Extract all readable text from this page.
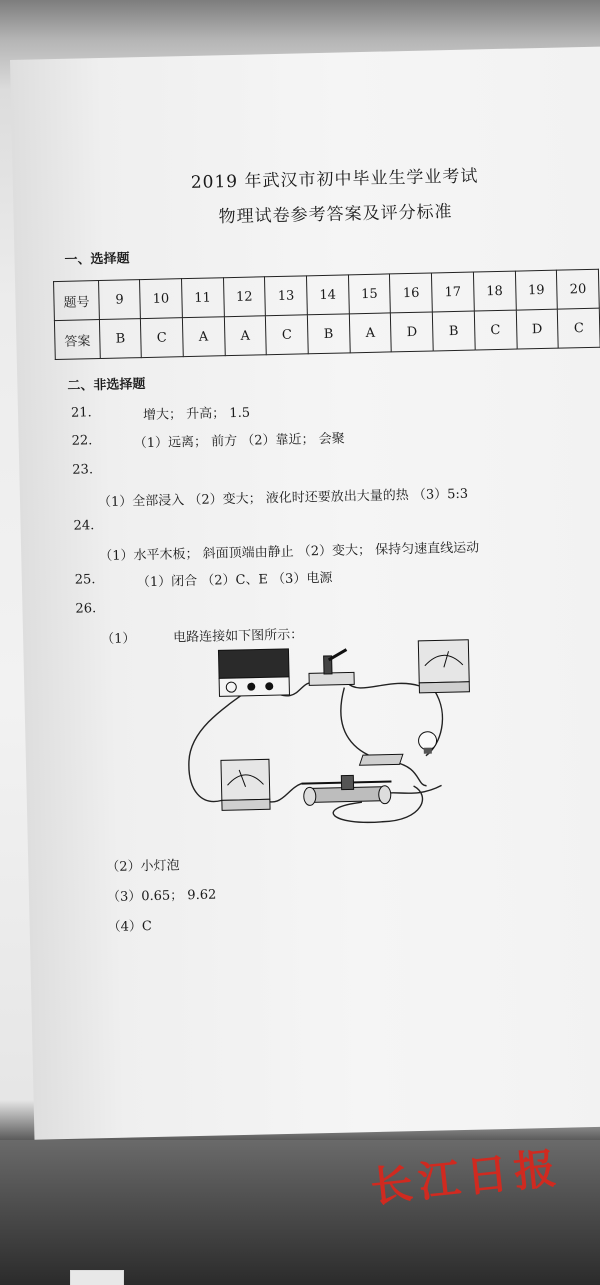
2019 年武汉市初中毕业生学业考试
物理试卷参考答案及评分标准
一、选择题
题号	9	10	11	12	13	14	15	16	17	18	19	20
答案	B	C	A	A	C	B	A	D	B	C	D	C
二、非选择题
21.	增大； 升高； 1.5
22.	（1）远离； 前方 （2）靠近； 会聚
23.
（1）全部浸入 （2）变大； 液化时还要放出大量的热 （3）5:3
24.
（1）水平木板； 斜面顶端由静止 （2）变大； 保持匀速直线运动
25.	（1）闭合 （2）C、E （3）电源
26.
（1）	电路连接如下图所示：
（2）小灯泡
（3）0.65； 9.62
（4）C
长江日报
